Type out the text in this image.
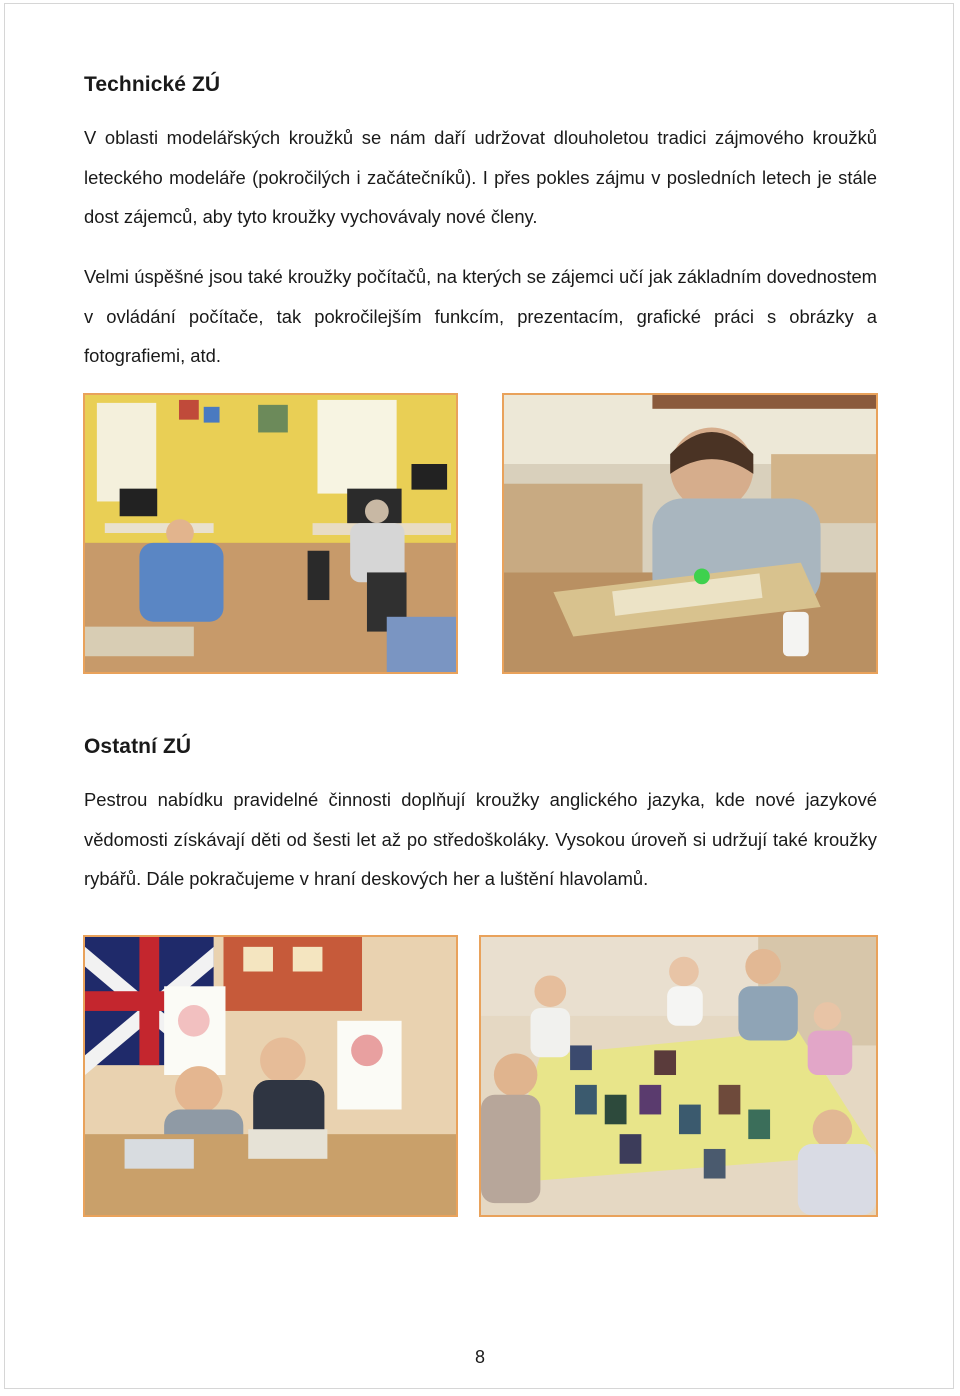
Technické ZÚ

V oblasti modelářských kroužků se nám daří udržovat dlouholetou tradici zájmového kroužků leteckého modeláře (pokročilých i začátečníků). I přes pokles zájmu v posledních letech je stále dost zájemců, aby tyto kroužky vychovávaly nové členy.

Velmi úspěšné jsou také kroužky počítačů, na kterých se zájemci učí jak základním dovednostem v ovládání počítače, tak pokročilejším funkcím, prezentacím, grafické práci s obrázky a fotografiemi, atd.

Ostatní ZÚ

Pestrou nabídku pravidelné činnosti doplňují kroužky anglického jazyka, kde nové jazykové vědomosti získávají děti od šesti let až po středoškoláky. Vysokou úroveň si udržují také kroužky rybářů. Dále pokračujeme v hraní deskových her a luštění hlavolamů.

8
